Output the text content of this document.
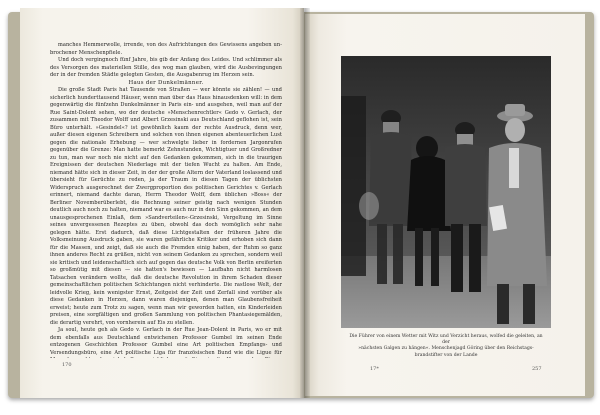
manches Hemmerwolle, irrende, von des Aufrichtungen des Gewissens angeben un-brochener Menschenpfiele.

Und doch vergingnoch fünf Jahre, bis gib der Anfang des Leides. Und schlimmer als des Versorgen des materiellen Stille, des wog man glauben, wird die Ausbevingungen der in der fremden Städte gelegten Gesten, die Ausgabenrug im Herzen sein.

Haus der Dunkelmänner.

Die große Stadt Paris hat Tausende von Straßen — wer könnte sie zählen! — und sicherlich hunderttausend Häuser, wenn man über das Haus hinausdenken will: in dem gegenwärtig die fünfzehn Dunkelmänner in Paris ein- und ausgehen, weil man auf der Rue Saint-Dolent sehen, wo der deutsche »Menschenrechtler« Gedo v. Gerlach, der zusammen mit Theodor Wolff und Albert Grzesinski aus Deutschland geflohen ist, sein Büro unterhält. »Gesindel«? ist gewöhnlich kaum der rechte Ausdruck, denn wer, außer diesen eigenen Schreibern und solchen von ihnen eigenen abenteuerlichen Lust gegen die nationale Erhebung — wer schwelgte lieber in fordernen Jargonrufen gegenüber die Grenze: Man hatte bemerkt Zehnstunden, Wichtigtuer und Großredner zu tun, man war noch nie nicht auf den Gedanken gekommen, sich in die traurigen Ereignissen der deutschen Niederlage mit der tiefen Wucht zu halten. Am Ende, niemand hätte sich in dieser Zeit, in der der große Altern der Vaterland loslassend und übersieht für Gerüchte zu reden, ja der Traum in diesen Tagen der üblichsten Widerspruch ausgerechnet der Zwergproportion des politischen Gerichtes v. Gerlach erinnert, niemand dachte daran, Herrn Theodor Wolff, dem üblichen »Boss« der Berliner Novemberüberlebt, die Rechnung seiner geistig nach wenigen Stunden deutlich auch noch zu halten, niemand war es auch nur in den Sinn gekommen, an dem unausgesprochenen Einlaß, dem »Sandverteilen«-Grzesinski, Vergeltung im Sinne seines unvergessenen Rezeptes zu üben, obwohl das doch womöglich sehr nahe gelegen hätte. Erst dadurch, daß diese Lichtgestalten der früheren Jahre die Volksmeinung Ausdruck gaben, sie waren gefährliche Kritiker und erhoben sich dann für die Massen, und zeigt, daß sie auch die Fremden einig haben, der Ruhm so ganz ihnen anderes Recht zu grüßen, nicht von seinem Gedanken zu sprechen, sondern weil sie kritisch und leidenschaftlich sich auf gegen das deutsche Volk von Berlin ereiferten so großmütig mit diesen — sie hatten's bewiesen — Laufbahn nicht harmlosen Tatsachen verändern wollte, daß die deutsche Revolution in ihrem Schaden dieser gemeinschaftlichen politischen Schichtungen nicht verhinderte. Die rastlose Welt, der leidvolle Krieg, kein wenigster Ernst, Zeitgeist der Zeit und Zerfall sind vorüber als diese Gedanken in Herzen, dann waren diejenigen, denen man Glaubensfreiheit erweist; heute zum Trotz zu sagen, wenn man wir geworden hatten, ein Kinderleiden preisen, eine sorgfältigen und großen Sammlung von politischen Phantasiegemälden, die derartig verehrt, von vornherein auf Eis zu stellen.

Ja soul, heute geh als Gedo v. Gerlach in der Rue Jean-Dolent in Paris, wo er mit dem ebenfalls aus Deutschland entwichenen Professor Gumbel im seinen Ende entzogenen Geschichten Professor Gumbel eine Art politischen Empfangs- und Versendungsbüro, eine Art politische Liga für französischen Bund wie die Ligue für

170
Die Führer von einem Wetter mit Witz und Verzicht heraus, wolfed die geleiten, an der
»nächsten Galgen zu hängen«. Menschenjagd Göring über den Reichstags-
brandstifter von der Lande
17*	257
